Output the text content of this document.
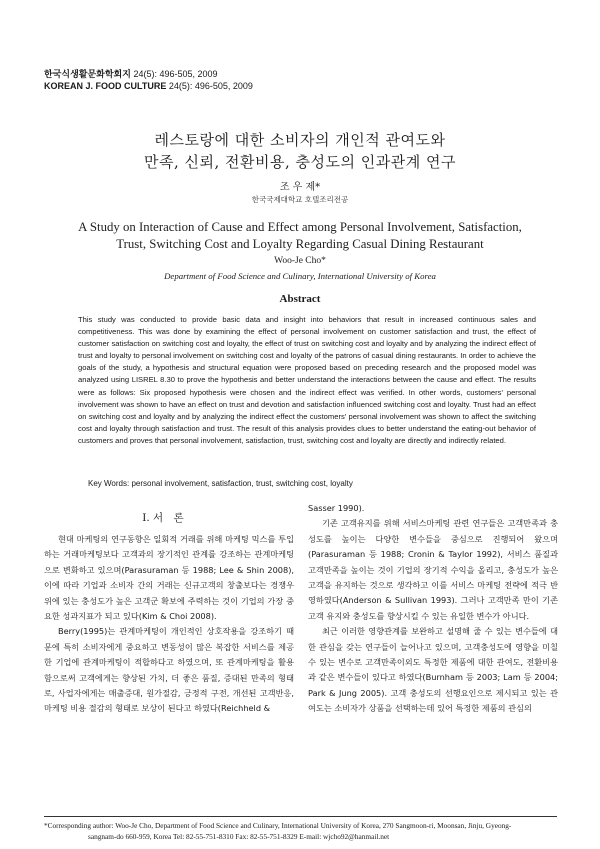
한국식생활문화학회지 24(5): 496-505, 2009
KOREAN J. FOOD CULTURE 24(5): 496-505, 2009
레스토랑에 대한 소비자의 개인적 관여도와
만족, 신뢰, 전환비용, 충성도의 인과관계 연구
조 우 제*
한국국제대학교 호텔조리전공
A Study on Interaction of Cause and Effect among Personal Involvement, Satisfaction,
Trust, Switching Cost and Loyalty Regarding Casual Dining Restaurant
Woo-Je Cho*
Department of Food Science and Culinary, International University of Korea
Abstract
This study was conducted to provide basic data and insight into behaviors that result in increased continuous sales and competitiveness. This was done by examining the effect of personal involvement on customer satisfaction and trust, the effect of customer satisfaction on switching cost and loyalty, the effect of trust on switching cost and loyalty and by analyzing the indirect effect of trust and loyalty to personal involvement on switching cost and loyalty of the patrons of casual dining restaurants. In order to achieve the goals of the study, a hypothesis and structural equation were proposed based on preceding research and the proposed model was analyzed using LISREL 8.30 to prove the hypothesis and better understand the interactions between the cause and effect. The results were as follows: Six proposed hypothesis were chosen and the indirect effect was verified. In other words, customers' personal involvement was shown to have an effect on trust and devotion and satisfaction influenced switching cost and loyalty. Trust had an effect on switching cost and loyalty and by analyzing the indirect effect the customers' personal involvement was shown to affect the switching cost and loyalty through satisfaction and trust. The result of this analysis provides clues to better understand the eating-out behavior of customers and proves that personal involvement, satisfaction, trust, switching cost and loyalty are directly and indirectly related.
Key Words: personal involvement, satisfaction, trust, switching cost, loyalty
Ⅰ. 서　론

현대 마케팅의 연구동향은 일회적 거래를 위해 마케팅 믹스를 투입하는 거래마케팅보다 고객과의 장기적인 관계를 강조하는 관계마케팅으로 변화하고 있으며(Parasuraman 등 1988; Lee & Shin 2008), 이에 따라 기업과 소비자 간의 거래는 신규고객의 창출보다는 경쟁우위에 있는 충성도가 높은 고객군 확보에 주력하는 것이 기업의 가장 중요한 성과지표가 되고 있다(Kim & Choi 2008).

Berry(1995)는 관계마케팅이 개인적인 상호작용을 강조하기 때문에 특히 소비자에게 중요하고 변동성이 많은 복잡한 서비스를 제공한 기업에 관계마케팅이 적합하다고 하였으며, 또 관계마케팅을 활용함으로써 고객에게는 향상된 가치, 더 좋은 품질, 증대된 만족의 형태로, 사업자에게는 매출증대, 원가절감, 긍정적 구전, 개선된 고객반응, 마케팅 비용 절감의 형태로 보상이 된다고 하였다(Reichheld &

Sasser 1990).

기존 고객유지를 위해 서비스마케팅 관련 연구들은 고객만족과 충성도를 높이는 다양한 변수들을 중심으로 진행되어 왔으며(Parasuraman 등 1988; Cronin & Taylor 1992), 서비스 품질과 고객만족을 높이는 것이 기업의 장기적 수익을 올리고, 충성도가 높은 고객을 유지하는 것으로 생각하고 이를 서비스 마케팅 전략에 적극 반영하였다(Anderson & Sullivan 1993). 그러나 고객만족 만이 기존고객 유지와 충성도를 향상시킬 수 있는 유일한 변수가 아니다.

최근 이러한 영향관계를 보완하고 설명해 줄 수 있는 변수들에 대한 관심을 갖는 연구들이 늘어나고 있으며, 고객충성도에 영향을 미칠 수 있는 변수로 고객만족이외도 특정한 제품에 대한 관여도, 전환비용과 같은 변수들이 있다고 하였다(Burnham 등 2003; Lam 등 2004; Park & Jung 2005). 고객 충성도의 선행요인으로 제시되고 있는 관여도는 소비자가 상품을 선택하는데 있어 특정한 제품의 관심의

*Corresponding author: Woo-Je Cho, Department of Food Science and Culinary, International University of Korea, 270 Sangmoon-ri, Moonsan, Jinju, Gyeong-
sangnam-do 660-959, Korea Tel: 82-55-751-8310 Fax: 82-55-751-8329 E-mail: wjcho92@hanmail.net
